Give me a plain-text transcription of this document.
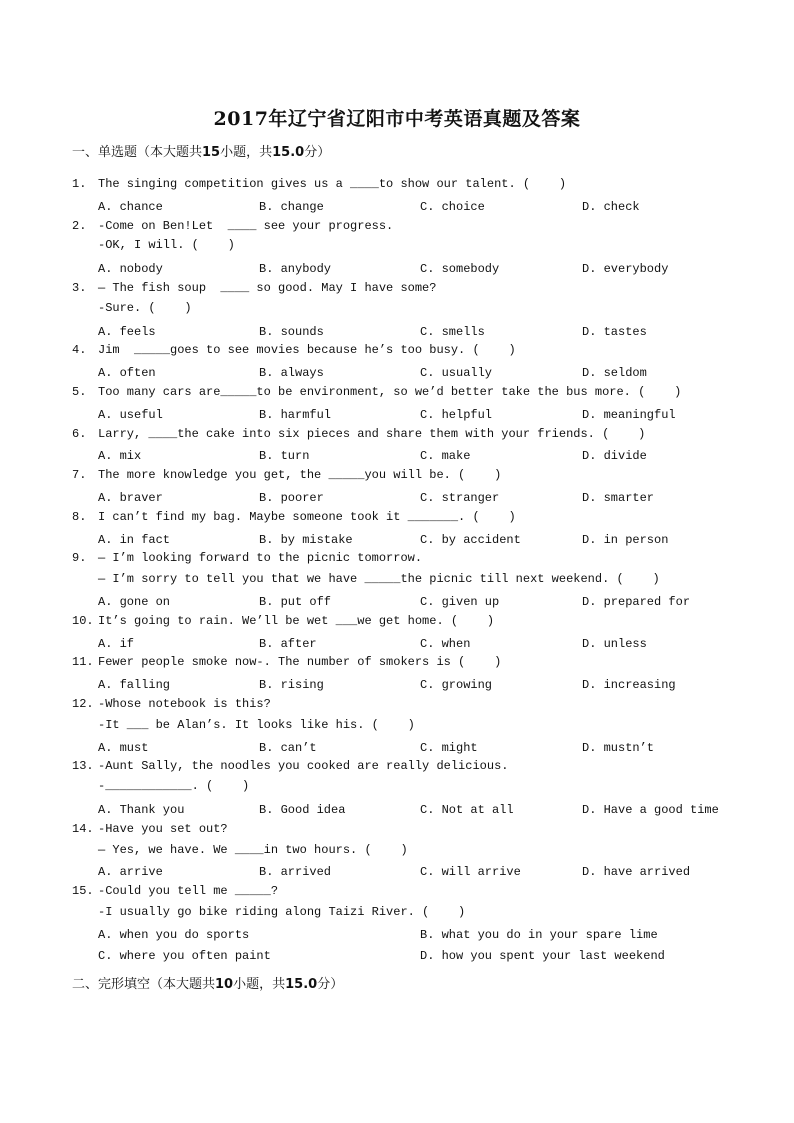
2017年辽宁省辽阳市中考英语真题及答案
一、单选题（本大题共15小题，共15.0分）

1. The singing competition gives us a ____to show our talent. (    )

A. chance	B. change	C. choice	D. check

2. -Come on Ben!Let  ____ see your progress.

-OK, I will. (    )

A. nobody	B. anybody	C. somebody	D. everybody

3. — The fish soup  ____ so good. May I have some?

-Sure. (    )

A. feels	B. sounds	C. smells	D. tastes

4. Jim  _____goes to see movies because he’s too busy. (    )

A. often	B. always	C. usually	D. seldom

5. Too many cars are_____to be environment, so we’d better take the bus more. (    )

A. useful	B. harmful	C. helpful	D. meaningful

6. Larry, ____the cake into six pieces and share them with your friends. (    )

A. mix	B. turn	C. make	D. divide

7. The more knowledge you get, the _____you will be. (    )

A. braver	B. poorer	C. stranger	D. smarter

8. I can’t find my bag. Maybe someone took it _______. (    )

A. in fact	B. by mistake	C. by accident	D. in person

9. — I’m looking forward to the picnic tomorrow.

— I’m sorry to tell you that we have _____the picnic till next weekend. (    )

A. gone on	B. put off	C. given up	D. prepared for

10. It’s going to rain. We’ll be wet ___we get home. (    )

A. if	B. after	C. when	D. unless

11. Fewer people smoke now-. The number of smokers is (    )

A. falling	B. rising	C. growing	D. increasing

12. -Whose notebook is this?

-It ___ be Alan’s. It looks like his. (    )

A. must	B. can’t	C. might	D. mustn’t

13. -Aunt Sally, the noodles you cooked are really delicious.

-____________. (    )

A. Thank you	B. Good idea	C. Not at all	D. Have a good time

14. -Have you set out?

— Yes, we have. We ____in two hours. (    )

A. arrive	B. arrived	C. will arrive	D. have arrived

15. -Could you tell me _____?

-I usually go bike riding along Taizi River. (    )

A. when you do sports	B. what you do in your spare lime

C. where you often paint	D. how you spent your last weekend

二、完形填空（本大题共10小题，共15.0分）
